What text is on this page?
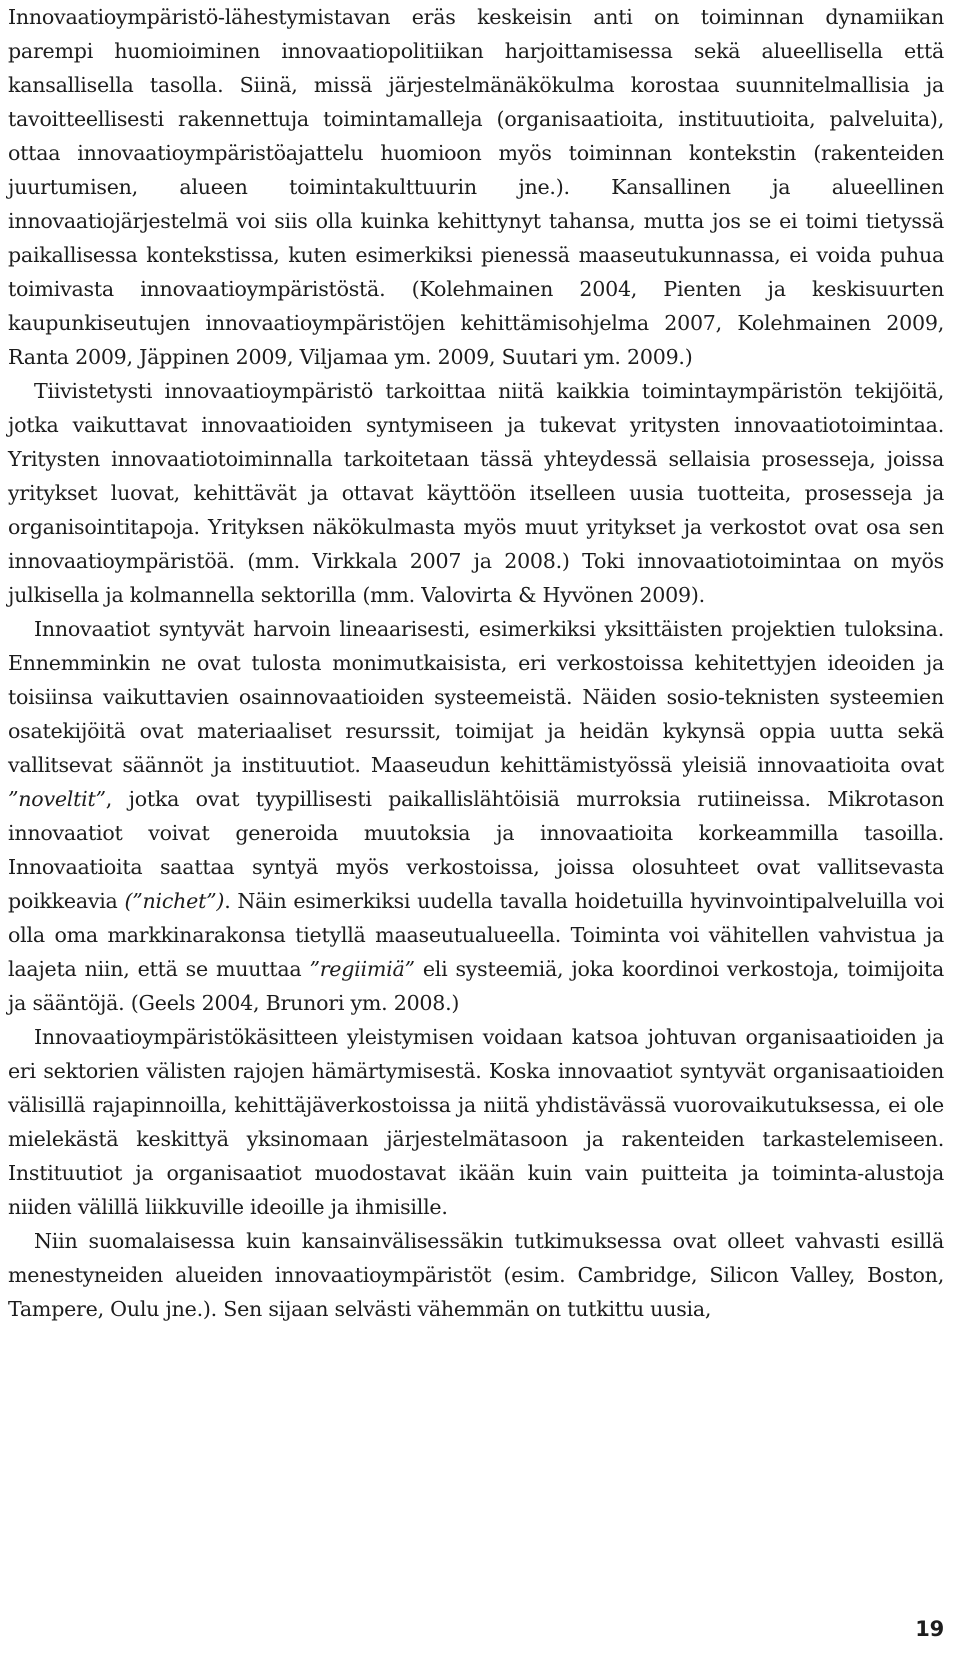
Innovaatioympäristö-lähestymistavan eräs keskeisin anti on toiminnan dynamiikan parempi huomioiminen innovaatiopolitiikan harjoittamisessa sekä alueellisella että kansallisella tasolla. Siinä, missä järjestelmänäkökulma korostaa suunnitelmallisia ja tavoitteellisesti rakennettuja toimintamalleja (organisaatioita, instituutioita, palveluita), ottaa innovaatioympäristöajattelu huomioon myös toiminnan kontekstin (rakenteiden juurtumisen, alueen toimintakulttuurin jne.). Kansallinen ja alueellinen innovaatiojärjestelmä voi siis olla kuinka kehittynyt tahansa, mutta jos se ei toimi tietyssä paikallisessa kontekstissa, kuten esimerkiksi pienessä maaseutukunnassa, ei voida puhua toimivasta innovaatioympäristöstä. (Kolehmainen 2004, Pienten ja keskisuurten kaupunkiseutujen innovaatioympäristöjen kehittämisohjelma 2007, Kolehmainen 2009, Ranta 2009, Jäppinen 2009, Viljamaa ym. 2009, Suutari ym. 2009.)

Tiivistetysti innovaatioympäristö tarkoittaa niitä kaikkia toimintaympäristön tekijöitä, jotka vaikuttavat innovaatioiden syntymiseen ja tukevat yritysten innovaatiotoimintaa. Yritysten innovaatiotoiminnalla tarkoitetaan tässä yhteydessä sellaisia prosesseja, joissa yritykset luovat, kehittävät ja ottavat käyttöön itselleen uusia tuotteita, prosesseja ja organisointitapoja. Yrityksen näkökulmasta myös muut yritykset ja verkostot ovat osa sen innovaatioympäristöä. (mm. Virkkala 2007 ja 2008.) Toki innovaatiotoimintaa on myös julkisella ja kolmannella sektorilla (mm. Valovirta & Hyvönen 2009).

Innovaatiot syntyvät harvoin lineaarisesti, esimerkiksi yksittäisten projektien tuloksina. Ennemminkin ne ovat tulosta monimutkaisista, eri verkostoissa kehitettyjen ideoiden ja toisiinsa vaikuttavien osainnovaatioiden systeemeistä. Näiden sosio-teknisten systeemien osatekijöitä ovat materiaaliset resurssit, toimijat ja heidän kykynsä oppia uutta sekä vallitsevat säännöt ja instituutiot. Maaseudun kehittämistyössä yleisiä innovaatioita ovat ”noveltit”, jotka ovat tyypillisesti paikallislähtöisiä murroksia rutiineissa. Mikrotason innovaatiot voivat generoida muutoksia ja innovaatioita korkeammilla tasoilla. Innovaatioita saattaa syntyä myös verkostoissa, joissa olosuhteet ovat vallitsevasta poikkeavia (”nichet”). Näin esimerkiksi uudella tavalla hoidetuilla hyvinvointipalveluilla voi olla oma markkinarakonsa tietyllä maaseutualueella. Toiminta voi vähitellen vahvistua ja laajeta niin, että se muuttaa ”regiimiä” eli systeemiä, joka koordinoi verkostoja, toimijoita ja sääntöjä. (Geels 2004, Brunori ym. 2008.)

Innovaatioympäristökäsitteen yleistymisen voidaan katsoa johtuvan organisaatioiden ja eri sektorien välisten rajojen hämärtymisestä. Koska innovaatiot syntyvät organisaatioiden välisillä rajapinnoilla, kehittäjäverkostoissa ja niitä yhdistävässä vuorovaikutuksessa, ei ole mielekästä keskittyä yksinomaan järjestelmätasoon ja rakenteiden tarkastelemiseen. Instituutiot ja organisaatiot muodostavat ikään kuin vain puitteita ja toiminta-alustoja niiden välillä liikkuville ideoille ja ihmisille.

Niin suomalaisessa kuin kansainvälisessäkin tutkimuksessa ovat olleet vahvasti esillä menestyneiden alueiden innovaatioympäristöt (esim. Cambridge, Silicon Valley, Boston, Tampere, Oulu jne.). Sen sijaan selvästi vähemmän on tutkittu uusia,

19
